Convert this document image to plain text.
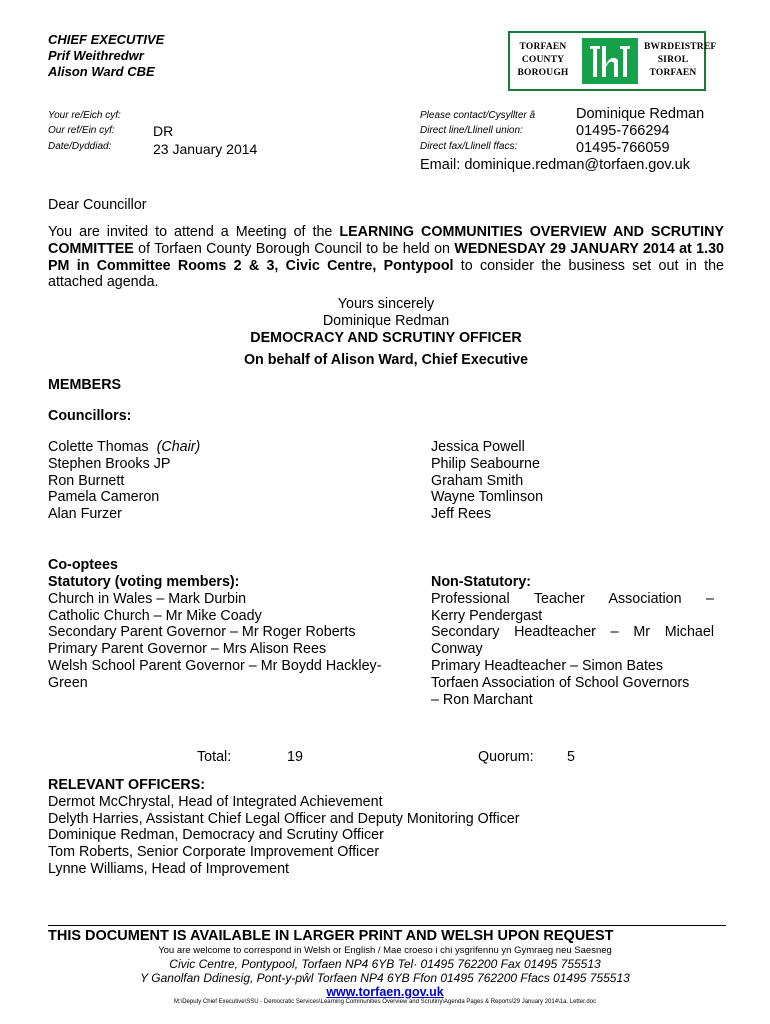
CHIEF EXECUTIVE
Prif Weithredwr
Alison Ward CBE
TORFAEN
COUNTY
BOROUGH
BWRDEISTREF
SIROL
TORFAEN
Your re/Eich cyf:
Our ref/Ein cyf:	DR
Date/Dyddiad:	23 January 2014
Please contact/Cysyllter â	Dominique Redman
Direct line/Llinell union:	01495-766294
Direct fax/Llinell ffacs:	01495-766059
Email: dominique.redman@torfaen.gov.uk
Dear Councillor
You are invited to attend a Meeting of the LEARNING COMMUNITIES OVERVIEW AND SCRUTINY COMMITTEE of Torfaen County Borough Council to be held on WEDNESDAY 29 JANUARY 2014 at 1.30 PM in Committee Rooms 2 & 3, Civic Centre, Pontypool to consider the business set out in the attached agenda.
Yours sincerely
Dominique Redman
DEMOCRACY AND SCRUTINY OFFICER
On behalf of Alison Ward, Chief Executive
MEMBERS
Councillors:
Colette Thomas (Chair)
Stephen Brooks JP
Ron Burnett
Pamela Cameron
Alan Furzer
Jessica Powell
Philip Seabourne
Graham Smith
Wayne Tomlinson
Jeff Rees
Co-optees
Statutory (voting members):
Church in Wales – Mark Durbin
Catholic Church – Mr Mike Coady
Secondary Parent Governor – Mr Roger Roberts
Primary Parent Governor – Mrs Alison Rees
Welsh School Parent Governor – Mr Boydd Hackley-
Green
Non-Statutory:
Professional Teacher Association –
Kerry Pendergast
Secondary Headteacher – Mr Michael
Conway
Primary Headteacher – Simon Bates
Torfaen Association of School Governors
– Ron Marchant
Total:	19	Quorum: 5
RELEVANT OFFICERS:
Dermot McChrystal, Head of Integrated Achievement
Delyth Harries, Assistant Chief Legal Officer and Deputy Monitoring Officer
Dominique Redman, Democracy and Scrutiny Officer
Tom Roberts, Senior Corporate Improvement Officer
Lynne Williams, Head of Improvement
THIS DOCUMENT IS AVAILABLE IN LARGER PRINT AND WELSH UPON REQUEST
You are welcome to correspond in Welsh or English / Mae croeso i chi ysgrifennu yn Gymraeg neu Saesneg
Civic Centre, Pontypool, Torfaen NP4 6YB Tel· 01495 762200 Fax 01495 755513
Y Ganolfan Ddinesig, Pont-y-pŵl Torfaen NP4 6YB Ffon 01495 762200 Ffacs 01495 755513
www.torfaen.gov.uk
M:\Deputy Chief Executive\SSU - Democratic Services\Learning Communities Overview and Scrutiny\Agenda Pages & Reports\29 January 2014\1a. Letter.doc
